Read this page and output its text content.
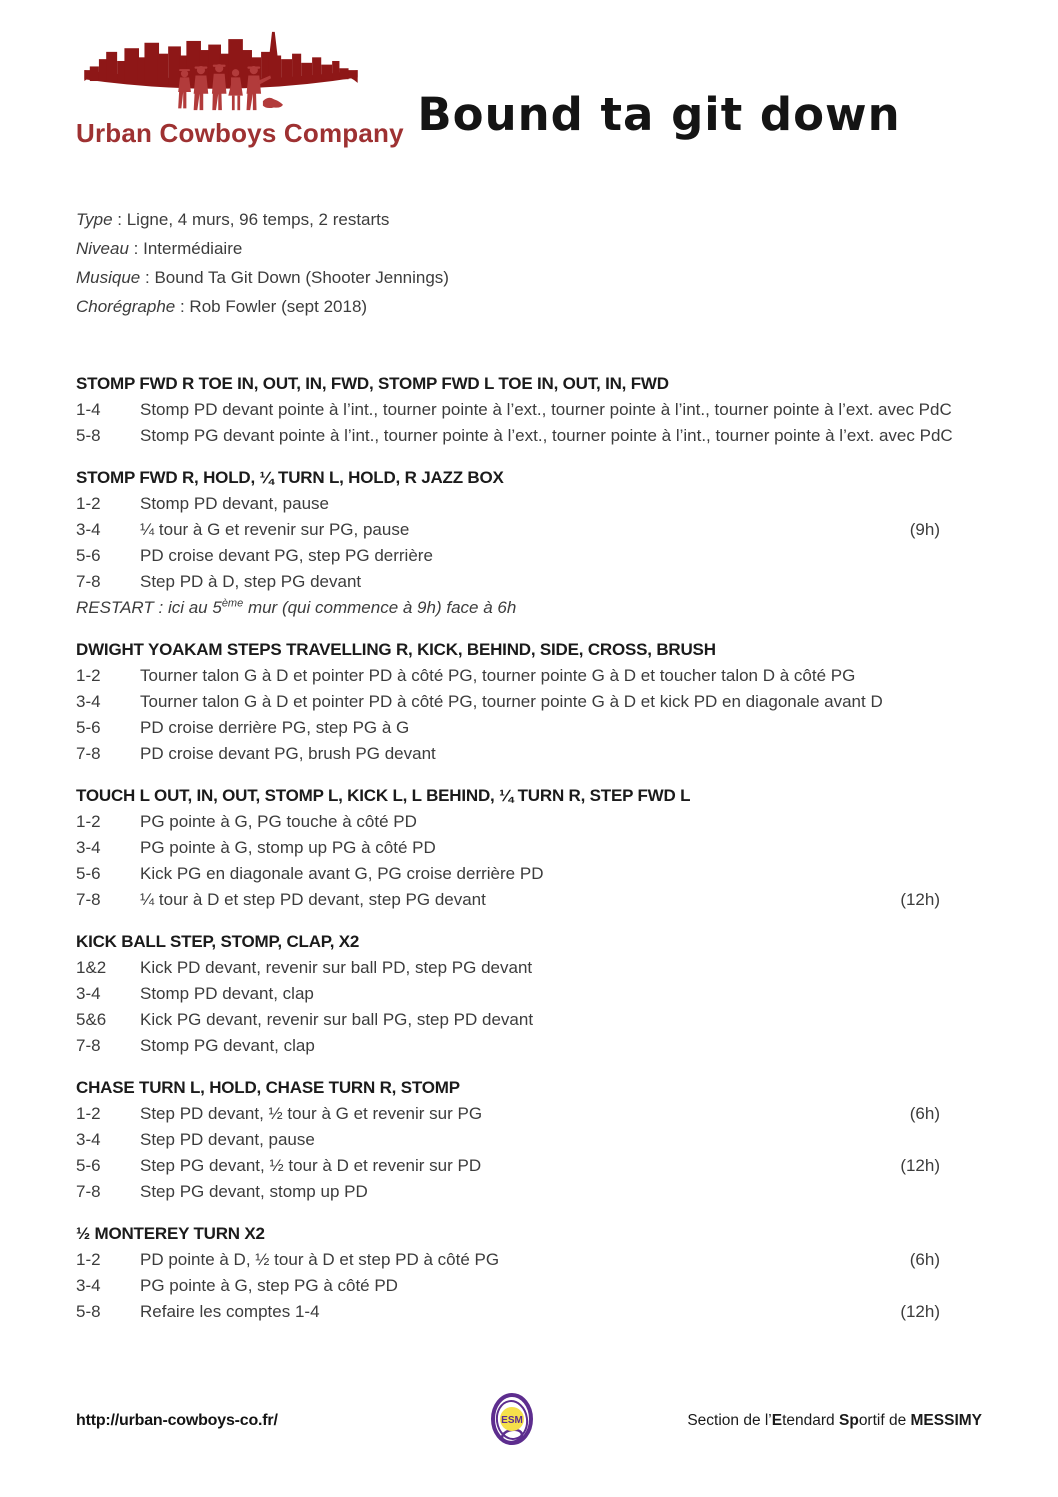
Urban Cowboys Company Bound ta git down
Type : Ligne, 4 murs, 96 temps, 2 restarts
Niveau : Intermédiaire
Musique : Bound Ta Git Down (Shooter Jennings)
Chorégraphe : Rob Fowler (sept 2018)
STOMP FWD R TOE IN, OUT, IN, FWD, STOMP FWD L TOE IN, OUT, IN, FWD
1-4	Stomp PD devant pointe à l’int., tourner pointe à l’ext., tourner pointe à l’int., tourner pointe à l’ext. avec PdC
5-8	Stomp PG devant pointe à l’int., tourner pointe à l’ext., tourner pointe à l’int., tourner pointe à l’ext. avec PdC
STOMP FWD R, HOLD, ¼ TURN L, HOLD, R JAZZ BOX
1-2	Stomp PD devant, pause
3-4	¼ tour à G et revenir sur PG, pause	(9h)
5-6	PD croise devant PG, step PG derrière
7-8	Step PD à D, step PG devant
RESTART : ici au 5ème mur (qui commence à 9h) face à 6h
DWIGHT YOAKAM STEPS TRAVELLING R, KICK, BEHIND, SIDE, CROSS, BRUSH
1-2	Tourner talon G à D et pointer PD à côté PG, tourner pointe G à D et toucher talon D à côté PG
3-4	Tourner talon G à D et pointer PD à côté PG, tourner pointe G à D et kick PD en diagonale avant D
5-6	PD croise derrière PG, step PG à G
7-8	PD croise devant PG, brush PG devant
TOUCH L OUT, IN, OUT, STOMP L, KICK L, L BEHIND, ¼ TURN R, STEP FWD L
1-2	PG pointe à G, PG touche à côté PD
3-4	PG pointe à G, stomp up PG à côté PD
5-6	Kick PG en diagonale avant G, PG croise derrière PD
7-8	¼ tour à D et step PD devant, step PG devant	(12h)
KICK BALL STEP, STOMP, CLAP, X2
1&2	Kick PD devant, revenir sur ball PD, step PG devant
3-4	Stomp PD devant, clap
5&6	Kick PG devant, revenir sur ball PG, step PD devant
7-8	Stomp PG devant, clap
CHASE TURN L, HOLD, CHASE TURN R, STOMP
1-2	Step PD devant, ½ tour à G et revenir sur PG	(6h)
3-4	Step PD devant, pause
5-6	Step PG devant, ½ tour à D et revenir sur PD	(12h)
7-8	Step PG devant, stomp up PD
½ MONTEREY TURN X2
1-2	PD pointe à D, ½ tour à D et step PD à côté PG	(6h)
3-4	PG pointe à G, step PG à côté PD
5-8	Refaire les comptes 1-4	(12h)
http://urban-cowboys-co.fr/	ESM	Section de l’Etendard Sportif de MESSIMY
